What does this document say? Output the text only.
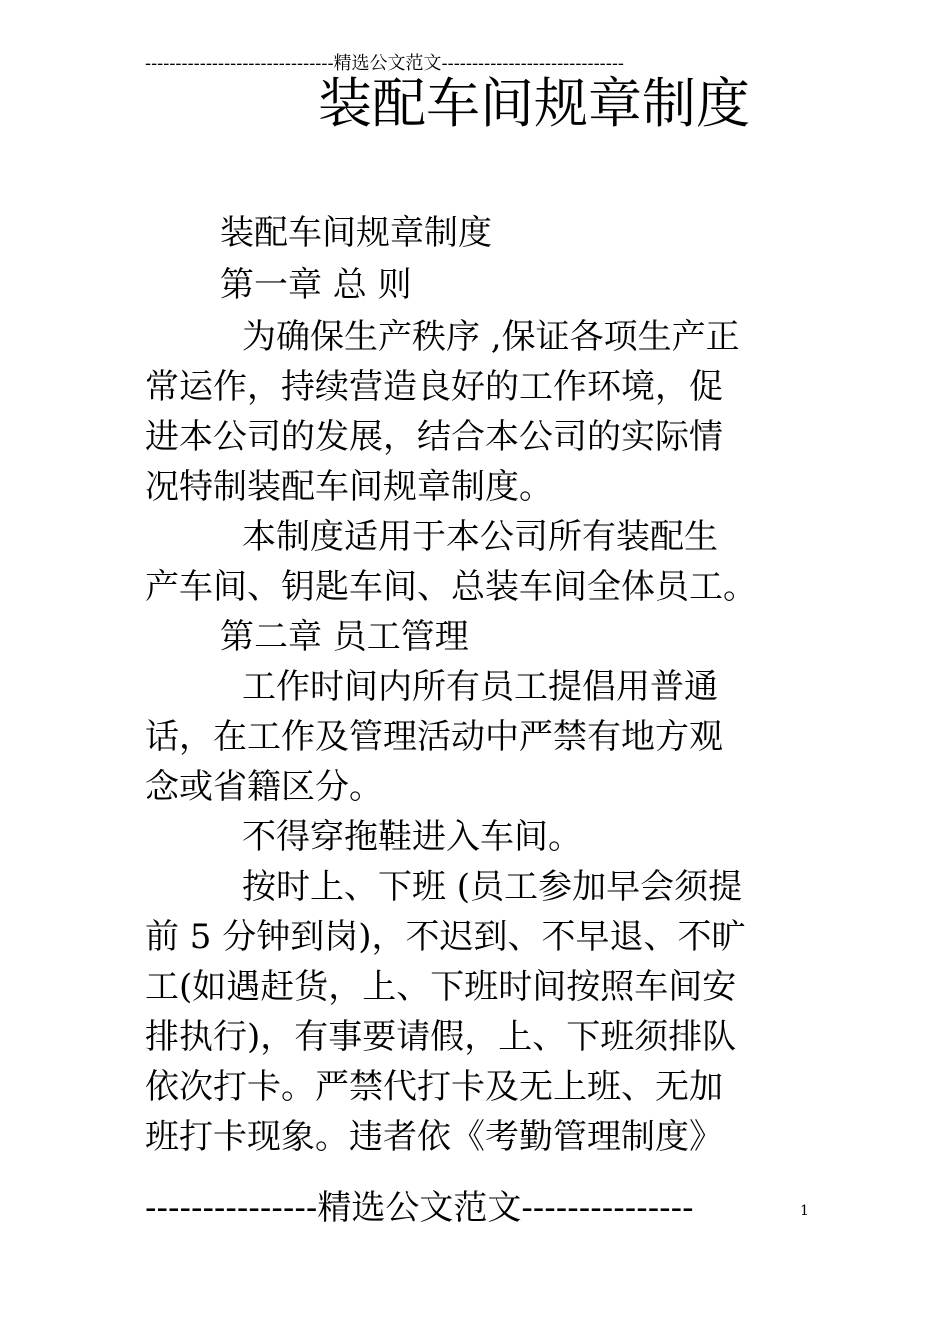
-------------------------------精选公文范文------------------------------
装配车间规章制度
装配车间规章制度
第一章 总 则
为确保生产秩序 ,保证各项生产正
常运作，持续营造良好的工作环境，促
进本公司的发展，结合本公司的实际情
况特制装配车间规章制度。
本制度适用于本公司所有装配生
产车间、钥匙车间、总装车间全体员工。
第二章 员工管理
工作时间内所有员工提倡用普通
话，在工作及管理活动中严禁有地方观
念或省籍区分。
不得穿拖鞋进入车间。
按时上、下班 (员工参加早会须提
前 5 分钟到岗)，不迟到、不早退、不旷
工(如遇赶货，上、下班时间按照车间安
排执行)，有事要请假，上、下班须排队
依次打卡。严禁代打卡及无上班、无加
班打卡现象。违者依《考勤管理制度》
---------------精选公文范文---------------	1
